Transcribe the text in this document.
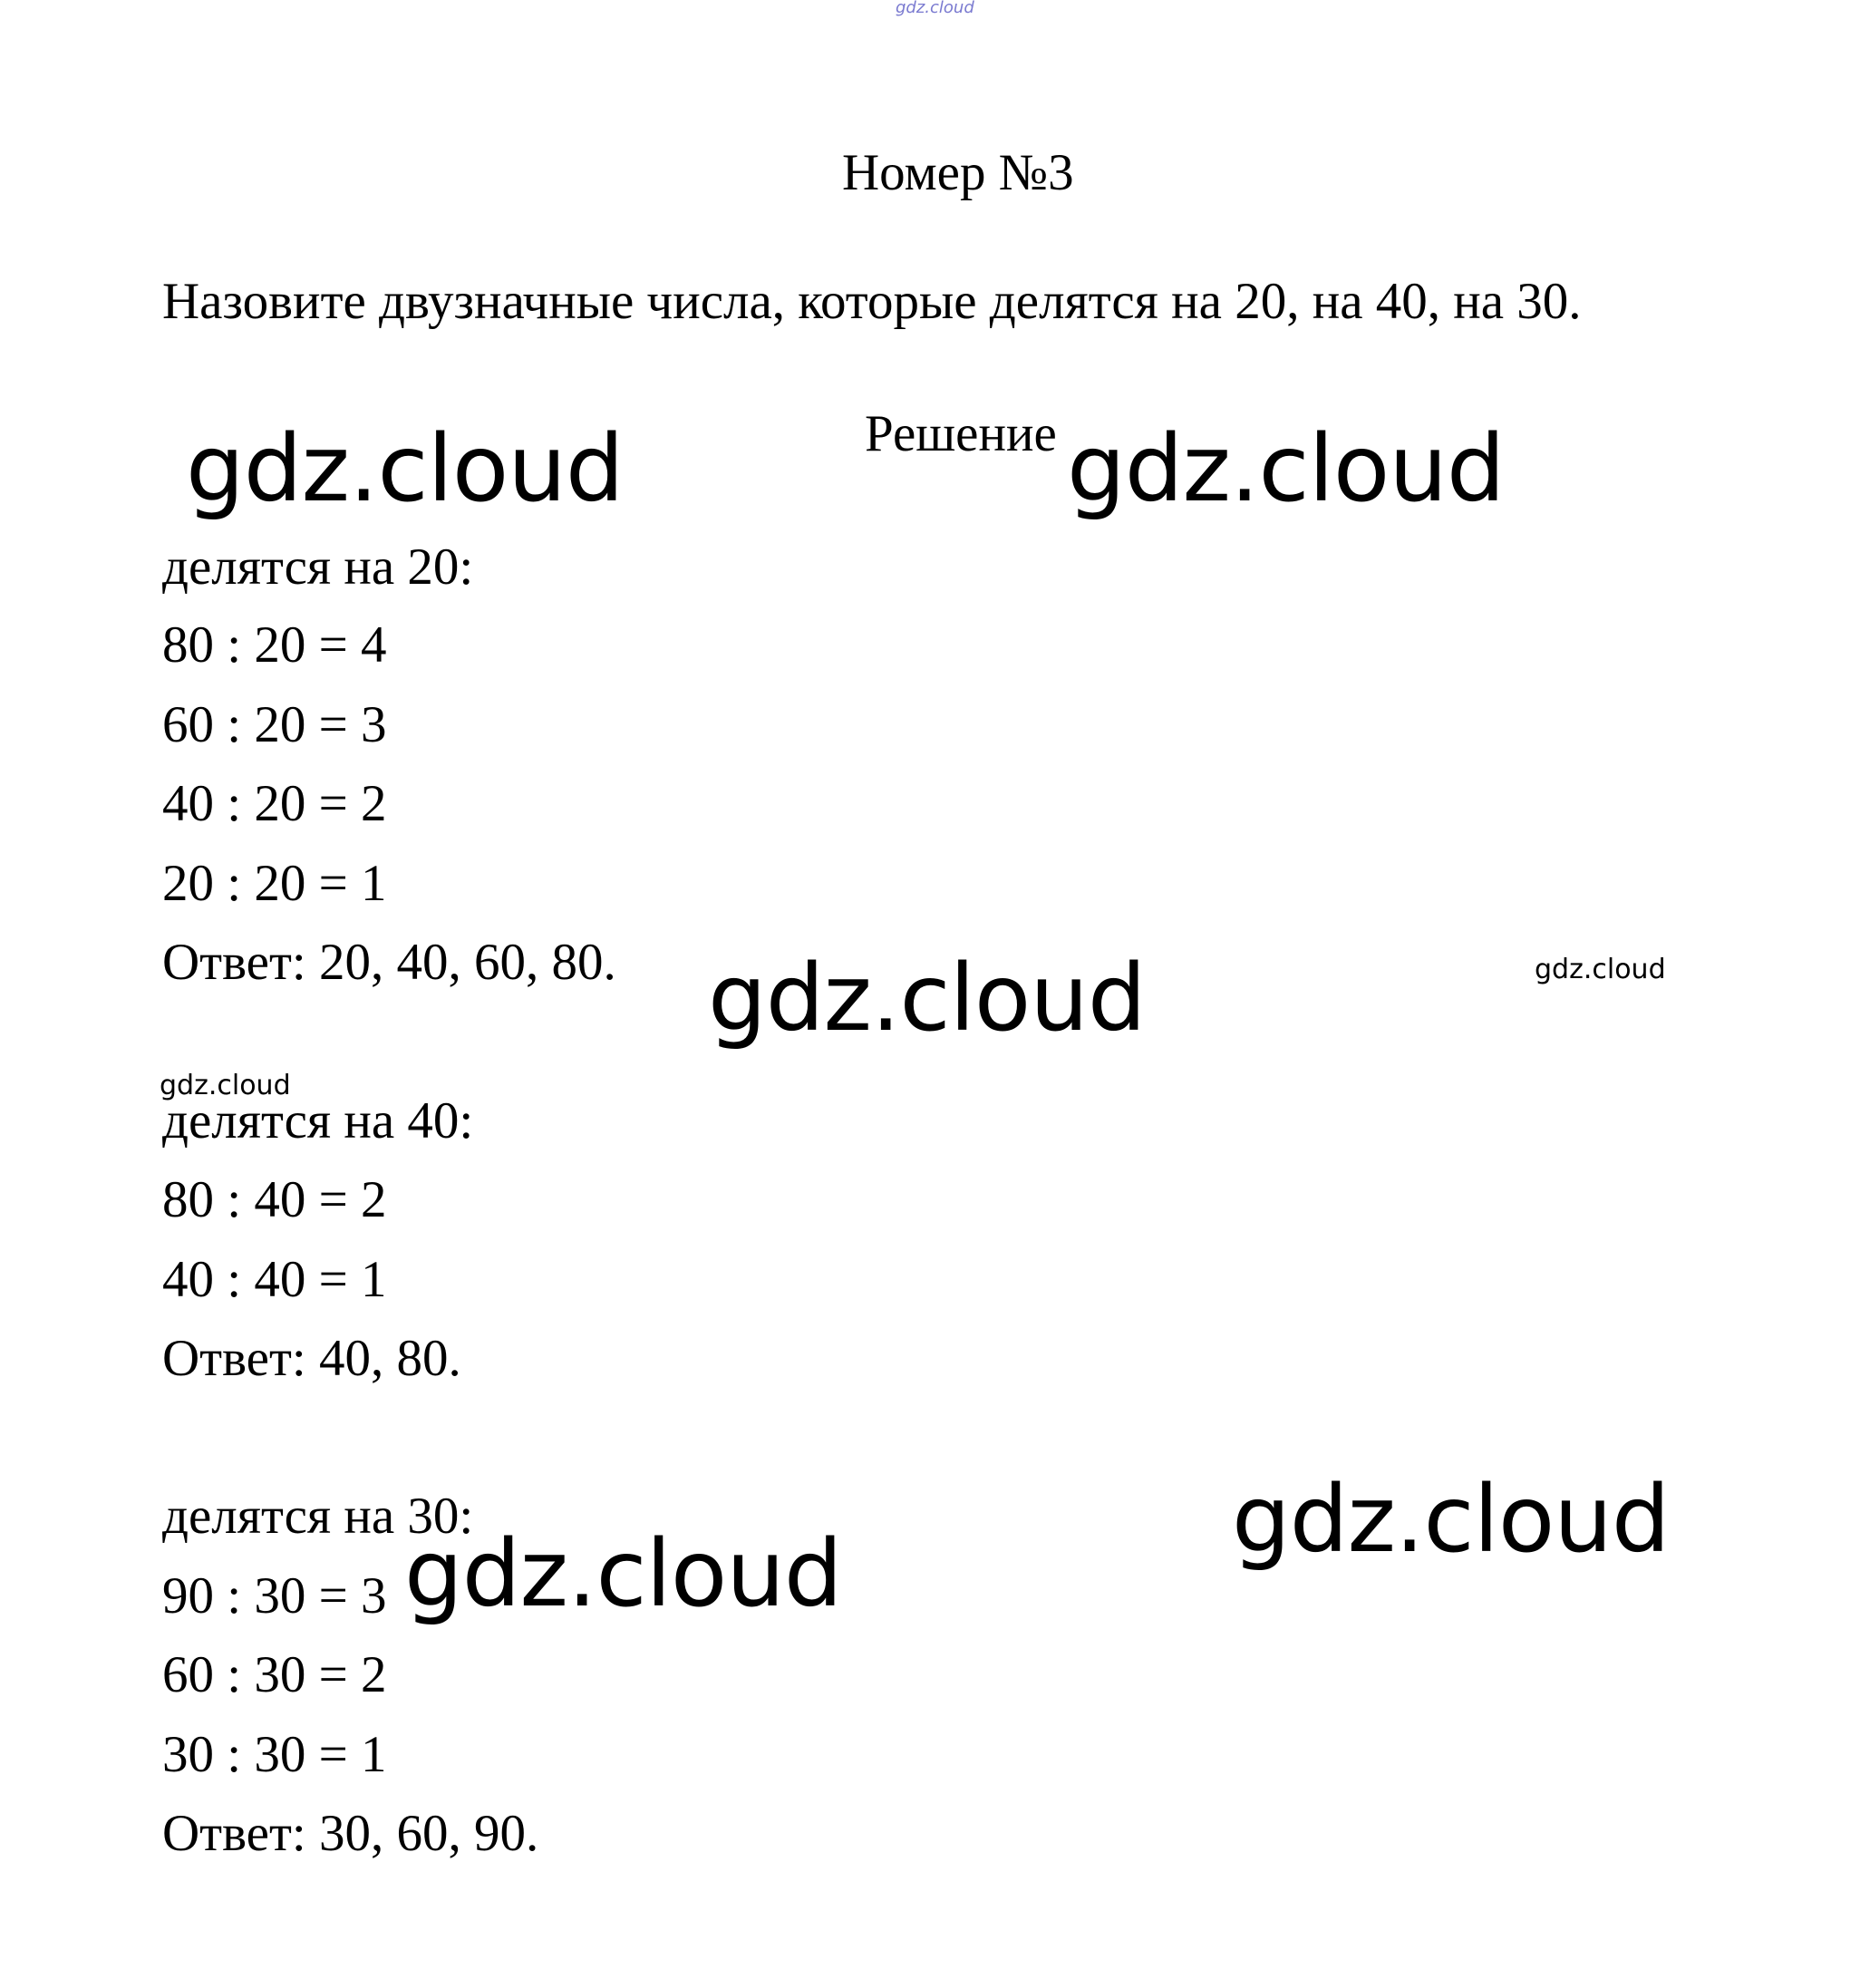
gdz.cloud
Номер №3
Назовите двузначные числа, которые делятся на 20, на 40, на 30.
Решение
делятся на 20:
80 : 20 = 4
60 : 20 = 3
40 : 20 = 2
20 : 20 = 1
Ответ: 20, 40, 60, 80.
делятся на 40:
80 : 40 = 2
40 : 40 = 1
Ответ: 40, 80.
делятся на 30:
90 : 30 = 3
60 : 30 = 2
30 : 30 = 1
Ответ: 30, 60, 90.
gdz.cloud	gdz.cloud
gdz.cloud	gdz.cloud
gdz.cloud
gdz.cloud
gdz.cloud
